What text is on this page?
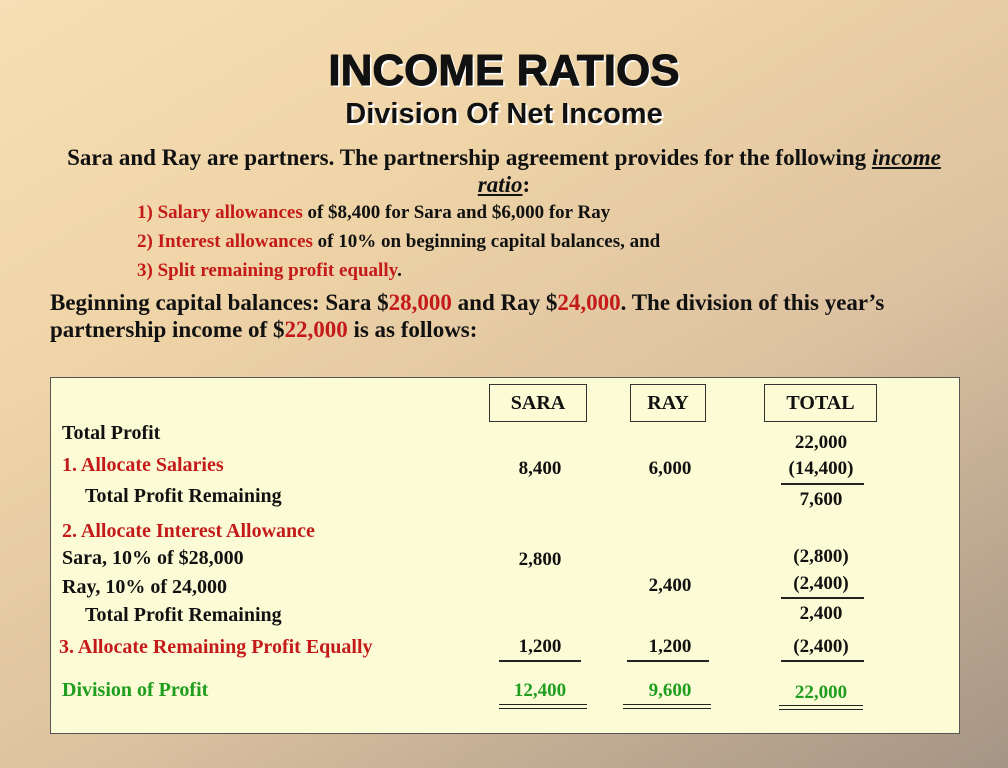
INCOME RATIOS
Division Of Net Income
Sara and Ray are partners. The partnership agreement provides for the following income ratio:
1) Salary allowances of $8,400 for Sara and $6,000 for Ray
2) Interest allowances of 10% on beginning capital balances, and
3) Split remaining profit equally.
Beginning capital balances: Sara $28,000 and Ray $24,000. The division of this year’s partnership income of $22,000 is as follows:
SARA	RAY	TOTAL
Total Profit
1. Allocate Salaries
Total Profit Remaining
2. Allocate Interest Allowance
Sara, 10% of $28,000
Ray, 10% of 24,000
Total Profit Remaining
3. Allocate Remaining Profit Equally
Division of Profit
8,400
2,800
1,200
12,400
6,000
2,400
1,200
9,600
22,000
(14,400)
7,600
(2,800)
(2,400)
2,400
(2,400)
22,000
